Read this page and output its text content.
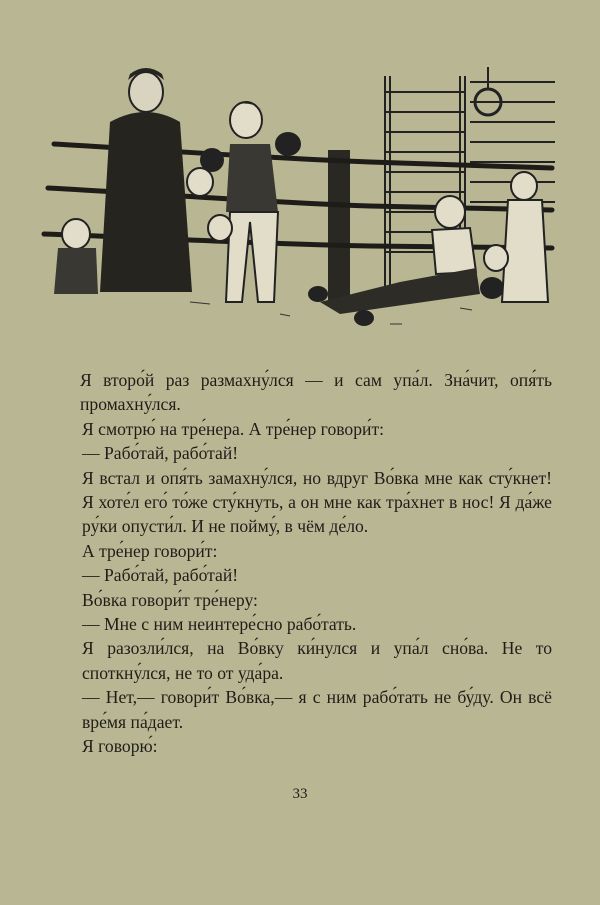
Я второ́й раз размахну́лся — и сам упа́л. Зна́чит, опя́ть промахну́лся.

Я смотрю́ на тре́нера. А тре́нер говори́т:

— Рабо́тай, рабо́тай!

Я встал и опя́ть замахну́лся, но вдруг Во́вка мне как сту́кнет! Я хоте́л его́ то́же сту́кнуть, а он мне как тра́хнет в нос! Я да́же ру́ки опусти́л. И не пойму́, в чём де́ло.

А тре́нер говори́т:

— Рабо́тай, рабо́тай!

Во́вка говори́т тре́неру:

— Мне с ним неинтере́сно рабо́тать.

Я разозли́лся, на Во́вку ки́нулся и упа́л сно́ва. Не то споткну́лся, не то от уда́ра.

— Нет,— говори́т Во́вка,— я с ним рабо́тать не бу́ду. Он всё вре́мя па́дает.

Я говорю́:

33
